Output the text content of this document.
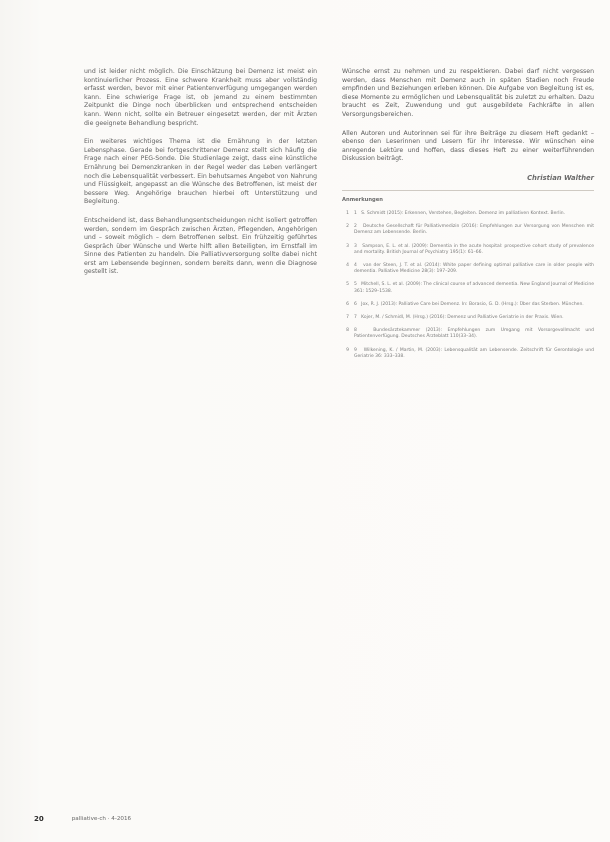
und ist leider nicht möglich. Die Einschätzung bei Demenz ist meist ein kontinuierlicher Prozess. Eine schwere Krankheit muss aber vollständig erfasst werden, bevor mit einer Patientenverfügung umgegangen werden kann. Eine schwierige Frage ist, ob jemand zu einem bestimmten Zeitpunkt die Dinge noch überblicken und entsprechend entscheiden kann. Wenn nicht, sollte ein Betreuer eingesetzt werden, der mit Ärzten die geeignete Behandlung bespricht.

Ein weiteres wichtiges Thema ist die Ernährung in der letzten Lebensphase. Gerade bei fortgeschrittener Demenz stellt sich häufig die Frage nach einer PEG-Sonde. Die Studienlage zeigt, dass eine künstliche Ernährung bei Demenzkranken in der Regel weder das Leben verlängert noch die Lebensqualität verbessert. Ein behutsames Angebot von Nahrung und Flüssigkeit, angepasst an die Wünsche des Betroffenen, ist meist der bessere Weg. Angehörige brauchen hierbei oft Unterstützung und Begleitung.

Entscheidend ist, dass Behandlungsentscheidungen nicht isoliert getroffen werden, sondern im Gespräch zwischen Ärzten, Pflegenden, Angehörigen und – soweit möglich – dem Betroffenen selbst. Ein frühzeitig geführtes Gespräch über Wünsche und Werte hilft allen Beteiligten, im Ernstfall im Sinne des Patienten zu handeln. Die Palliativversorgung sollte dabei nicht erst am Lebensende beginnen, sondern bereits dann, wenn die Diagnose gestellt ist.

Wünsche ernst zu nehmen und zu respektieren. Dabei darf nicht vergessen werden, dass Menschen mit Demenz auch in späten Stadien noch Freude empfinden und Beziehungen erleben können. Die Aufgabe von Begleitung ist es, diese Momente zu ermöglichen und Lebensqualität bis zuletzt zu erhalten. Dazu braucht es Zeit, Zuwendung und gut ausgebildete Fachkräfte in allen Versorgungsbereichen.

Allen Autoren und Autorinnen sei für ihre Beiträge zu diesem Heft gedankt – ebenso den Leserinnen und Lesern für ihr Interesse. Wir wünschen eine anregende Lektüre und hoffen, dass dieses Heft zu einer weiterführenden Diskussion beiträgt.

Christian Walther
Anmerkungen
1 1   S. Schmidt (2015): Erkennen, Verstehen, Begleiten. Demenz im palliativen Kontext. Berlin.
2 2   Deutsche Gesellschaft für Palliativmedizin (2016): Empfehlungen zur Versorgung von Menschen mit Demenz am Lebensende. Berlin.
3 3   Sampson, E. L. et al. (2009): Dementia in the acute hospital: prospective cohort study of prevalence and mortality. British Journal of Psychiatry 195(1): 61–66.
4 4   van der Steen, J. T. et al. (2014): White paper defining optimal palliative care in older people with dementia. Palliative Medicine 28(3): 197–209.
5 5   Mitchell, S. L. et al. (2009): The clinical course of advanced dementia. New England Journal of Medicine 361: 1529–1538.
6 6   Jox, R. J. (2013): Palliative Care bei Demenz. In: Borasio, G. D. (Hrsg.): Über das Sterben. München.
7 7   Kojer, M. / Schmidl, M. (Hrsg.) (2016): Demenz und Palliative Geriatrie in der Praxis. Wien.
8 8   Bundesärztekammer (2013): Empfehlungen zum Umgang mit Vorsorgevollmacht und Patientenverfügung. Deutsches Ärzteblatt 110(33–34).
9 9   Wilkening, K. / Martin, M. (2003): Lebensqualität am Lebensende. Zeitschrift für Gerontologie und Geriatrie 36: 333–338.
20	palliative-ch · 4-2016
